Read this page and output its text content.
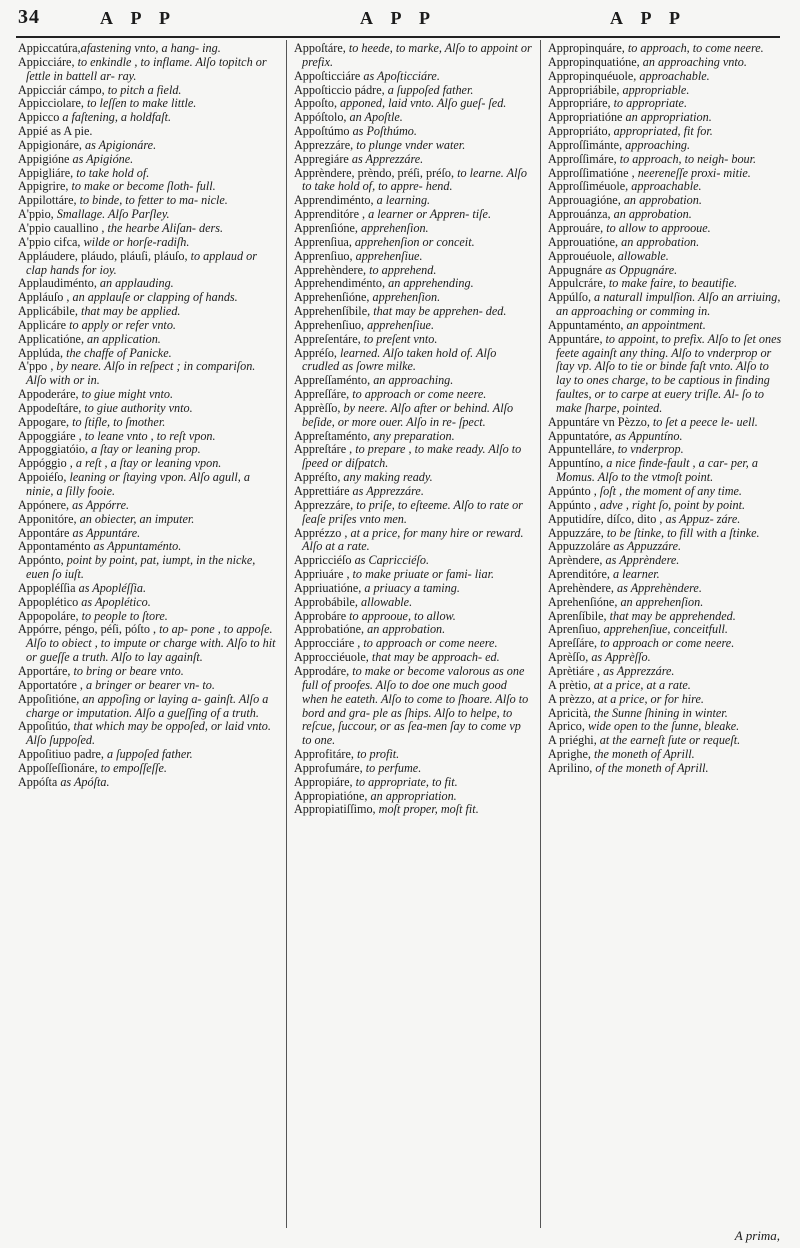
34	A P P	A P P	A P P

Appiccatúra,afastening vnto, a hang- ing.

Appicciáre, to enkindle , to inflame. Alſo topitch or ſettle in battell ar- ray.

Appicciár cámpo, to pitch a field.

Appicciolare, to leſſen to make little.

Appicco a faſtening, a holdfaſt.

Appié as A pie.

Appigionáre, as Apigionáre.

Appigióne as Apigióne.

Appigliáre, to take hold of.

Appigrire, to make or become ſloth- full.

Appilottáre, to binde, to fetter to ma- nicle.

A'ppio, Smallage. Alſo Parſley.

A'ppio cauallino , the hearbe Aliſan- ders.

A'ppio cifca, wilde or horſe-radiſh.

Appláudere, pláudo, pláuſi, pláuſo, to applaud or clap hands for ioy.

Applaudiménto, an applauding.

Appláuſo , an applauſe or clapping of hands.

Applicábile, that may be applied.

Applicáre to apply or refer vnto.

Applicatióne, an application.

Applúda, the chaffe of Panicke.

A'ppo , by neare. Alſo in reſpect ; in compariſon. Alſo with or in.

Appoderáre, to giue might vnto.

Appodeſtáre, to giue authority vnto.

Appogare, to ſtifle, to ſmother.

Appoggiáre , to leane vnto , to reſt vpon.

Appoggiatóio, a ſtay or leaning prop.

Appóggio , a reſt , a ſtay or leaning vpon.

Appoiéſo, leaning or ſtaying vpon. Alſo agull, a ninie, a ſilly fooie.

Appónere, as Appórre.

Apponitóre, an obiecter, an imputer.

Appontáre as Appuntáre.

Appontaménto as Appuntaménto.

Appónto, point by point, pat, iumpt, in the nicke, euen ſo iuſt.

Appopléſſia as Apopléſſia.

Appoplético as Apoplético.

Appopoláre, to people to ſtore.

Appórre, péngo, péſi, póſto , to ap- pone , to appoſe. Alſo to obiect , to impute or charge with. Alſo to hit or gueſſe a truth. Alſo to lay againſt.

Apportáre, to bring or beare vnto.

Apportatóre , a bringer or bearer vn- to.

Appoſitióne, an appoſing or laying a- gainſt. Alſo a charge or imputation. Alſo a gueſſing of a truth.

Appoſitúo, that which may be oppoſed, or laid vnto. Alſo ſuppoſed.

Appoſitiuo padre, a ſuppoſed father.

Appoſſeſſionáre, to empoſſeſſe.

Appóſta as Apóſta.

Appoſtáre, to heede, to marke, Alſo to appoint or prefix.

Appoſticciáre as Apoſticciáre.

Appoſticcio pádre, a ſuppoſed father.

Appoſto, apponed, laid vnto. Alſo gueſ- ſed.

Appóſtolo, an Apoſtle.

Appoſtúmo as Poſthúmo.

Apprezzáre, to plunge vnder water.

Appregiáre as Apprezzáre.

Apprèndere, prèndo, préſi, préſo, to learne. Alſo to take hold of, to appre- hend.

Apprendiménto, a learning.

Apprenditóre , a learner or Appren- tiſe.

Apprenſióne, apprehenſion.

Apprenſiua, apprehenſion or conceit.

Apprenſiuo, apprehenſiue.

Apprehèndere, to apprehend.

Apprehendiménto, an apprehending.

Apprehenſióne, apprehenſion.

Apprehenſíbile, that may be apprehen- ded.

Apprehenſiuo, apprehenſiue.

Appreſentáre, to preſent vnto.

Appréſo, learned. Alſo taken hold of. Alſo crudled as ſowre milke.

Appreſſaménto, an approaching.

Appreſſáre, to approach or come neere.

Apprèſſo, by neere. Alſo after or behind. Alſo beſide, or more ouer. Alſo in re- ſpect.

Appreſtaménto, any preparation.

Appreſtáre , to prepare , to make ready. Alſo to ſpeed or diſpatch.

Appréſto, any making ready.

Apprettiáre as Apprezzáre.

Apprezzáre, to priſe, to eſteeme. Alſo to rate or ſeaſe priſes vnto men.

Apprézzo , at a price, for many hire or reward. Alſo at a rate.

Appricciéſo as Capricciéſo.

Appriuáre , to make priuate or fami- liar.

Appriuatióne, a priuacy a taming.

Approbábile, allowable.

Approbáre to approoue, to allow.

Approbatióne, an approbation.

Approcciáre , to approach or come neere.

Approcciéuole, that may be approach- ed.

Approdáre, to make or become valorous as one full of proofes. Alſo to doe one much good when he eateth. Alſo to come to ſhoare. Alſo to bord and gra- ple as ſhips. Alſo to helpe, to reſcue, ſuccour, or as ſea-men ſay to come vp to one.

Approfitáre, to profit.

Approfumáre, to perfume.

Appropiáre, to appropriate, to fit.

Appropiatióne, an appropriation.

Appropiatiſſimo, moſt proper, moſt fit.

Appropinquáre, to approach, to come neere.

Appropinquatióne, an approaching vnto.

Appropinquéuole, approachable.

Appropriábile, appropriable.

Appropriáre, to appropriate.

Appropriatióne an appropriation.

Appropriáto, appropriated, fit for.

Approſſimánte, approaching.

Approſſimáre, to approach, to neigh- bour.

Approſſimatióne , neereneſſe proxi- mitie.

Approſſiméuole, approachable.

Approuagióne, an approbation.

Approuánza, an approbation.

Approuáre, to allow to approoue.

Approuatióne, an approbation.

Approuéuole, allowable.

Appugnáre as Oppugnáre.

Appulcráre, to make faire, to beautifie.

Appúlſo, a naturall impulſion. Alſo an arriuing, an approaching or comming in.

Appuntaménto, an appointment.

Appuntáre, to appoint, to prefix. Alſo to ſet ones feete againſt any thing. Alſo to vnderprop or ſtay vp. Alſo to tie or binde faſt vnto. Alſo to lay to ones charge, to be captious in finding faultes, or to carpe at euery triſle. Al- ſo to make ſharpe, pointed.

Appuntáre vn Pèzzo, to ſet a peece le- uell.

Appuntatóre, as Appuntíno.

Appuntelláre, to vnderprop.

Appuntíno, a nice finde-fault , a car- per, a Momus. Alſo to the vtmoſt point.

Appúnto , ſoſt , the moment of any time.

Appúnto , adve , right ſo, point by point.

Apputidíre, díſco, dito , as Appuz- záre.

Appuzzáre, to be ſtinke, to fill with a ſtinke.

Appuzzoláre as Appuzzáre.

Aprèndere, as Apprèndere.

Aprenditóre, a learner.

Aprehèndere, as Apprehèndere.

Aprehenſióne, an apprehenſion.

Aprenſíbile, that may be apprehended.

Aprenſiuo, apprehenſiue, conceitfull.

Apreſſáre, to approach or come neere.

Aprèſſo, as Apprèſſo.

Aprètiáre , as Apprezzáre.

A prètio, at a price, at a rate.

A prèzzo, at a price, or for hire.

Apricità, the Sunne ſhining in winter.

Aprico, wide open to the ſunne, bleake.

A priéghi, at the earneſt ſute or requeſt.

Aprighe, the moneth of Aprill.

Aprilino, of the moneth of Aprill.

A prima,
